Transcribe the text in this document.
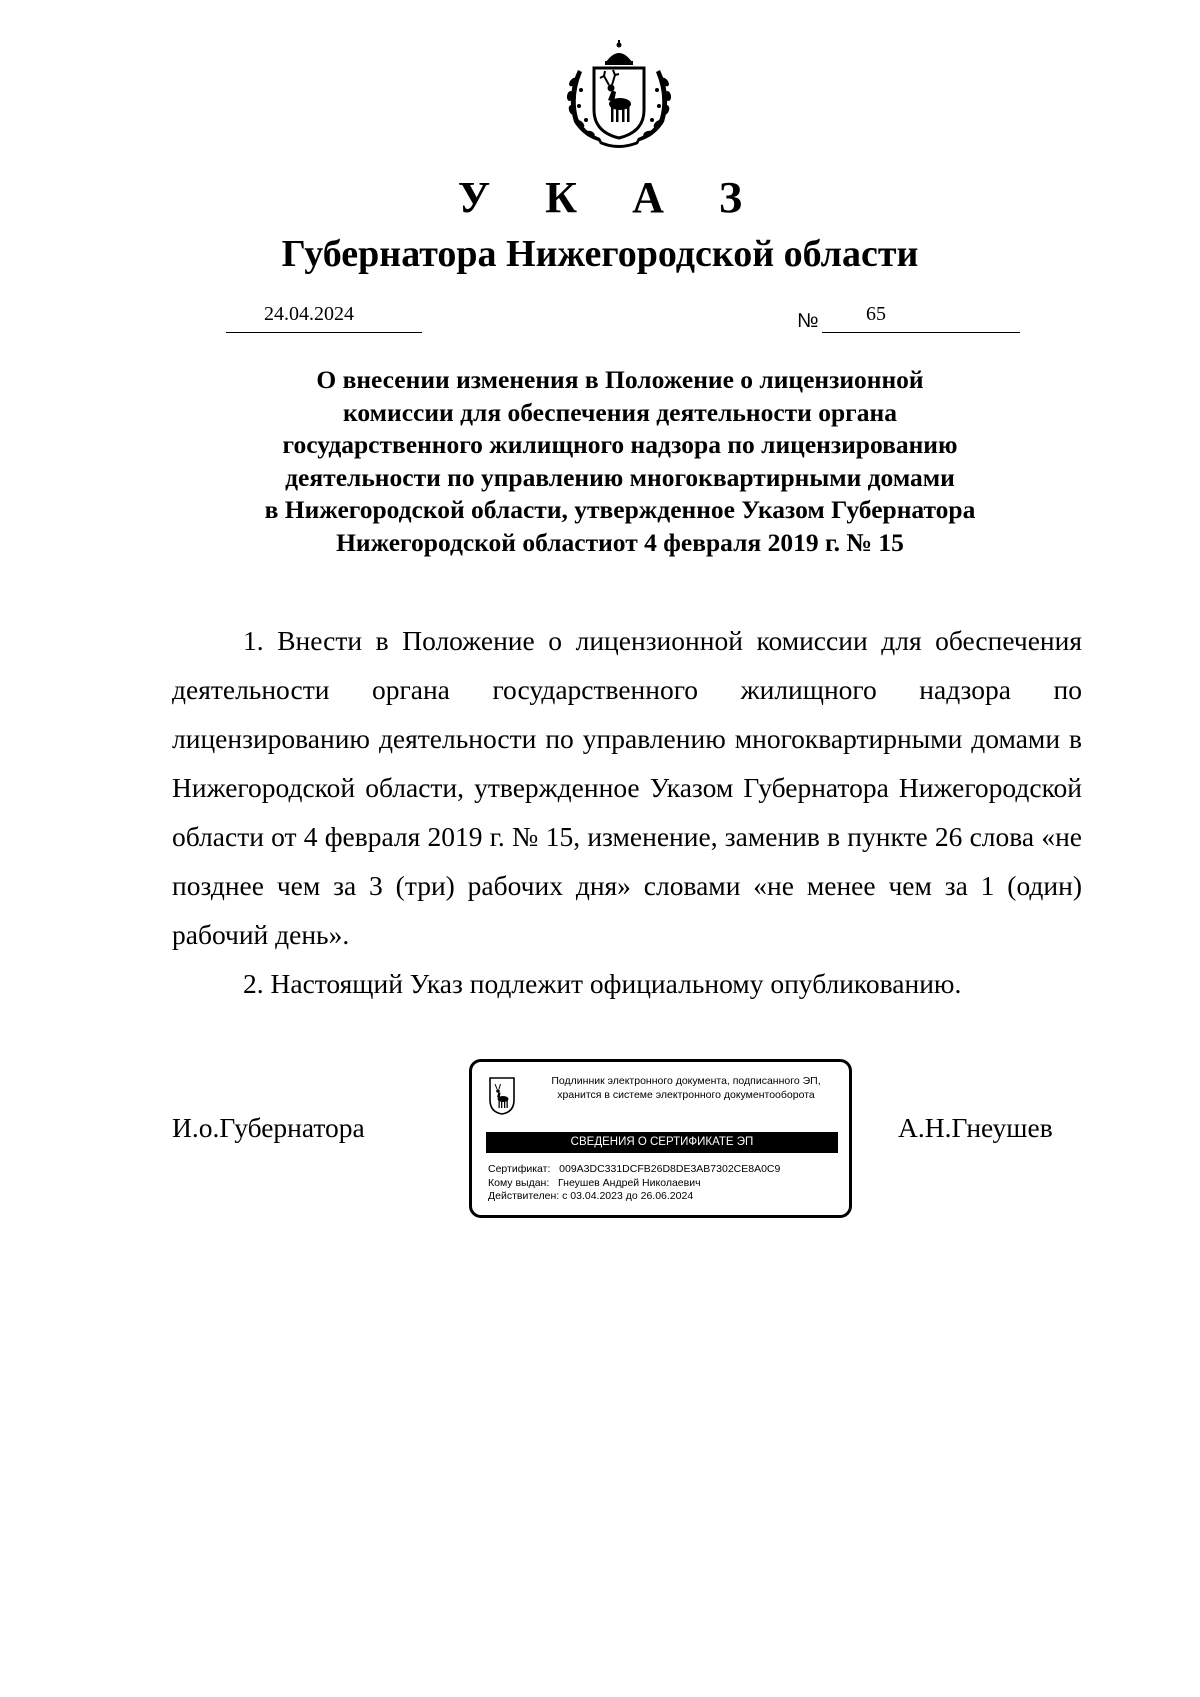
У К А З
Губернатора Нижегородской области
24.04.2024	№ 65
О внесении изменения в Положение о лицензионной
комиссии для обеспечения деятельности органа
государственного жилищного надзора по лицензированию
деятельности по управлению многоквартирными домами
в Нижегородской области, утвержденное Указом Губернатора
Нижегородской областиот 4 февраля 2019 г. № 15

1. Внести в Положение о лицензионной комиссии для обеспечения деятельности органа государственного жилищного надзора по лицензированию деятельности по управлению многоквартирными домами в Нижегородской области, утвержденное Указом Губернатора Нижегородской области от 4 февраля 2019 г. № 15, изменение, заменив в пункте 26 слова «не позднее чем за 3 (три) рабочих дня» словами «не менее чем за 1 (один) рабочий день».

2. Настоящий Указ подлежит официальному опубликованию.

И.о.Губернатора
Подлинник электронного документа, подписанного ЭП,
хранится в системе электронного документооборота
СВЕДЕНИЯ О СЕРТИФИКАТЕ ЭП
Сертификат: 009A3DC331DCFB26D8DE3AB7302CE8A0C9
Кому выдан: Гнеушев Андрей Николаевич
Действителен: с 03.04.2023 до 26.06.2024
А.Н.Гнеушев
